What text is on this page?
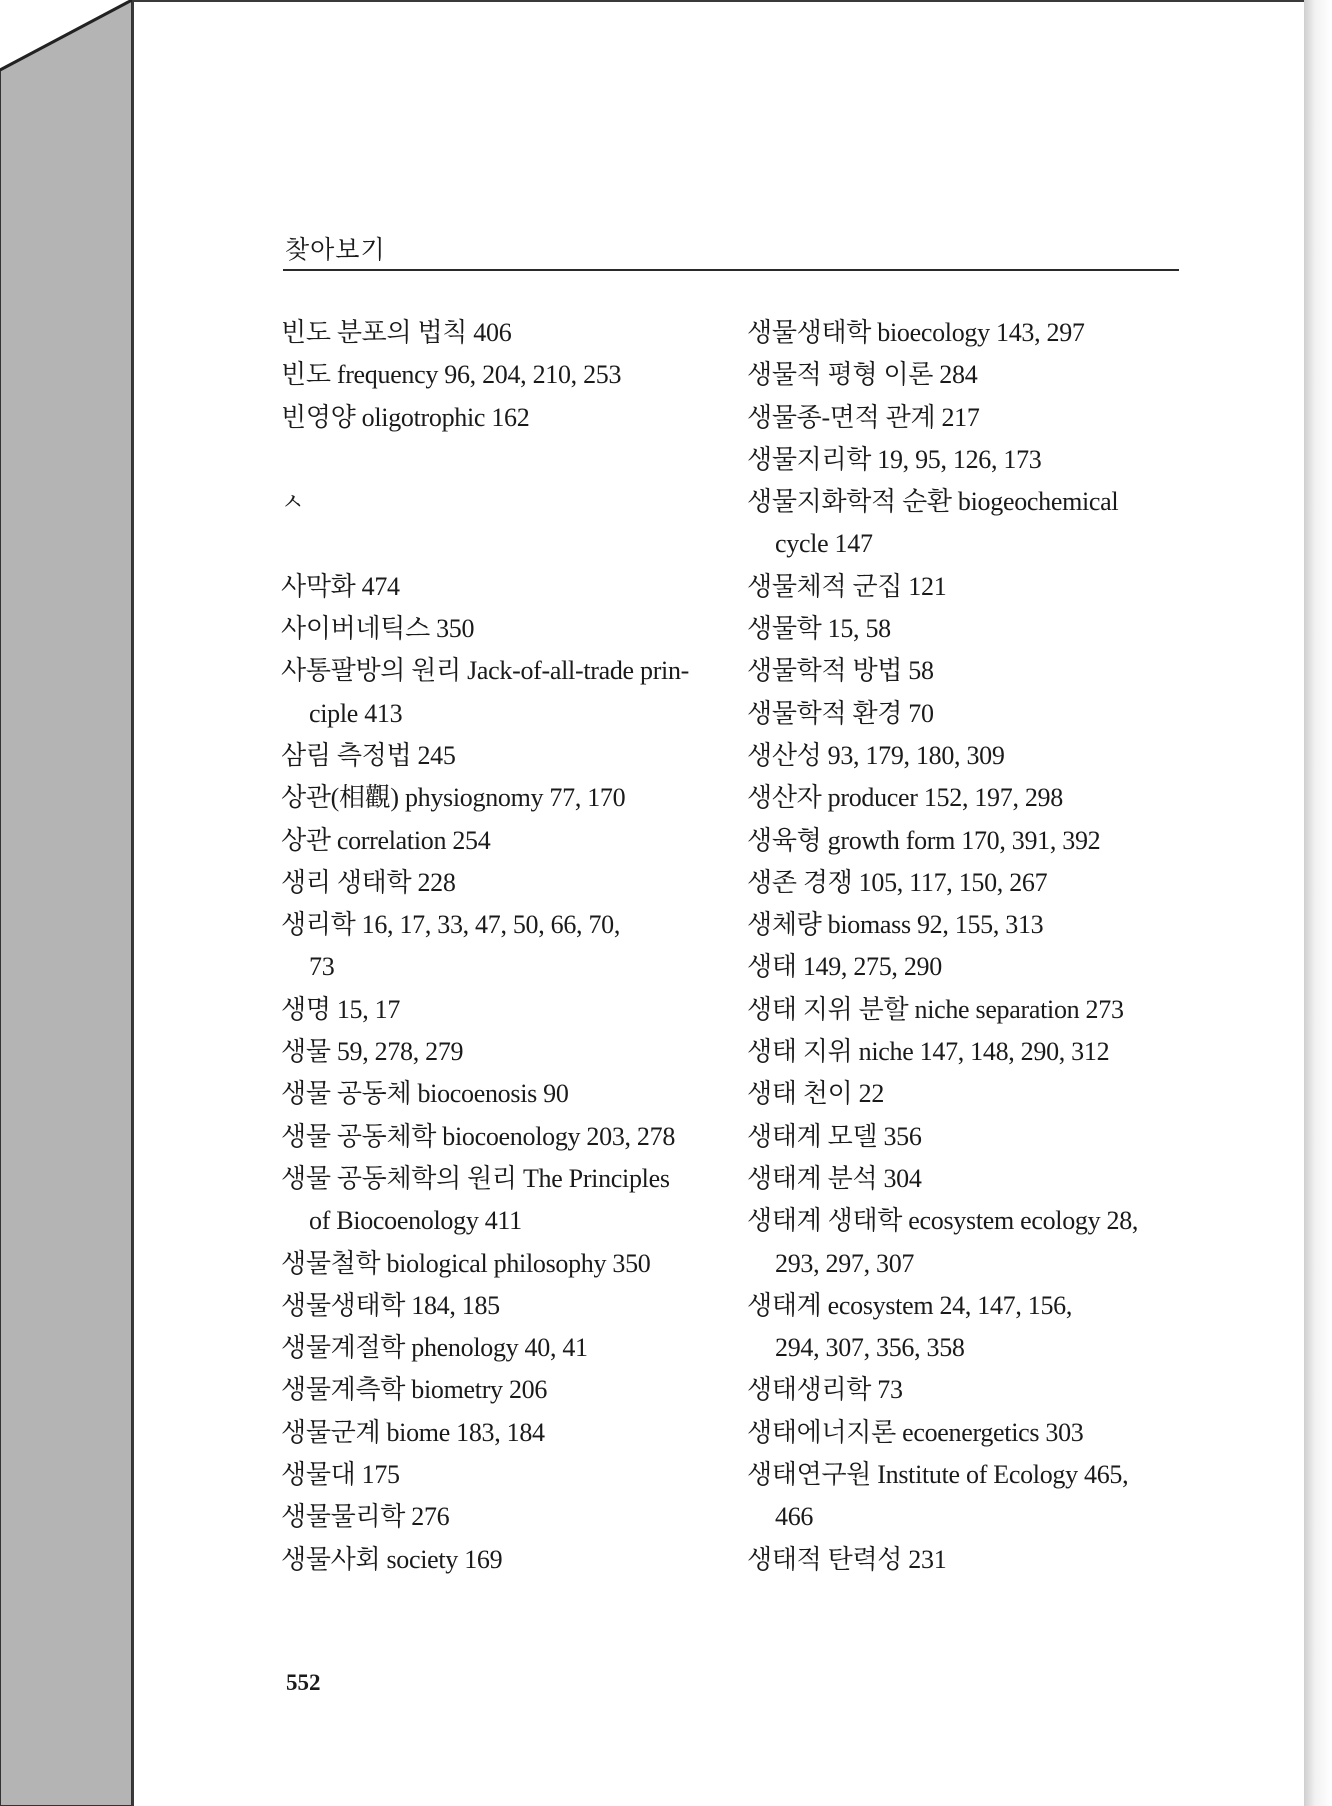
찾아보기
빈도 분포의 법칙 406
빈도 frequency 96, 204, 210, 253
빈영양 oligotrophic 162
ㅅ
사막화 474
사이버네틱스 350
사통팔방의 원리 Jack-of-all-trade prin-
ciple 413
삼림 측정법 245
상관(相觀) physiognomy 77, 170
상관 correlation 254
생리 생태학 228
생리학 16, 17, 33, 47, 50, 66, 70,
73
생명 15, 17
생물 59, 278, 279
생물 공동체 biocoenosis 90
생물 공동체학 biocoenology 203, 278
생물 공동체학의 원리 The Principles
of Biocoenology 411
생물철학 biological philosophy 350
생물생태학 184, 185
생물계절학 phenology 40, 41
생물계측학 biometry 206
생물군계 biome 183, 184
생물대 175
생물물리학 276
생물사회 society 169
생물생태학 bioecology 143, 297
생물적 평형 이론 284
생물종-면적 관계 217
생물지리학 19, 95, 126, 173
생물지화학적 순환 biogeochemical
cycle 147
생물체적 군집 121
생물학 15, 58
생물학적 방법 58
생물학적 환경 70
생산성 93, 179, 180, 309
생산자 producer 152, 197, 298
생육형 growth form 170, 391, 392
생존 경쟁 105, 117, 150, 267
생체량 biomass 92, 155, 313
생태 149, 275, 290
생태 지위 분할 niche separation 273
생태 지위 niche 147, 148, 290, 312
생태 천이 22
생태계 모델 356
생태계 분석 304
생태계 생태학 ecosystem ecology 28,
293, 297, 307
생태계 ecosystem 24, 147, 156,
294, 307, 356, 358
생태생리학 73
생태에너지론 ecoenergetics 303
생태연구원 Institute of Ecology 465,
466
생태적 탄력성 231
552
